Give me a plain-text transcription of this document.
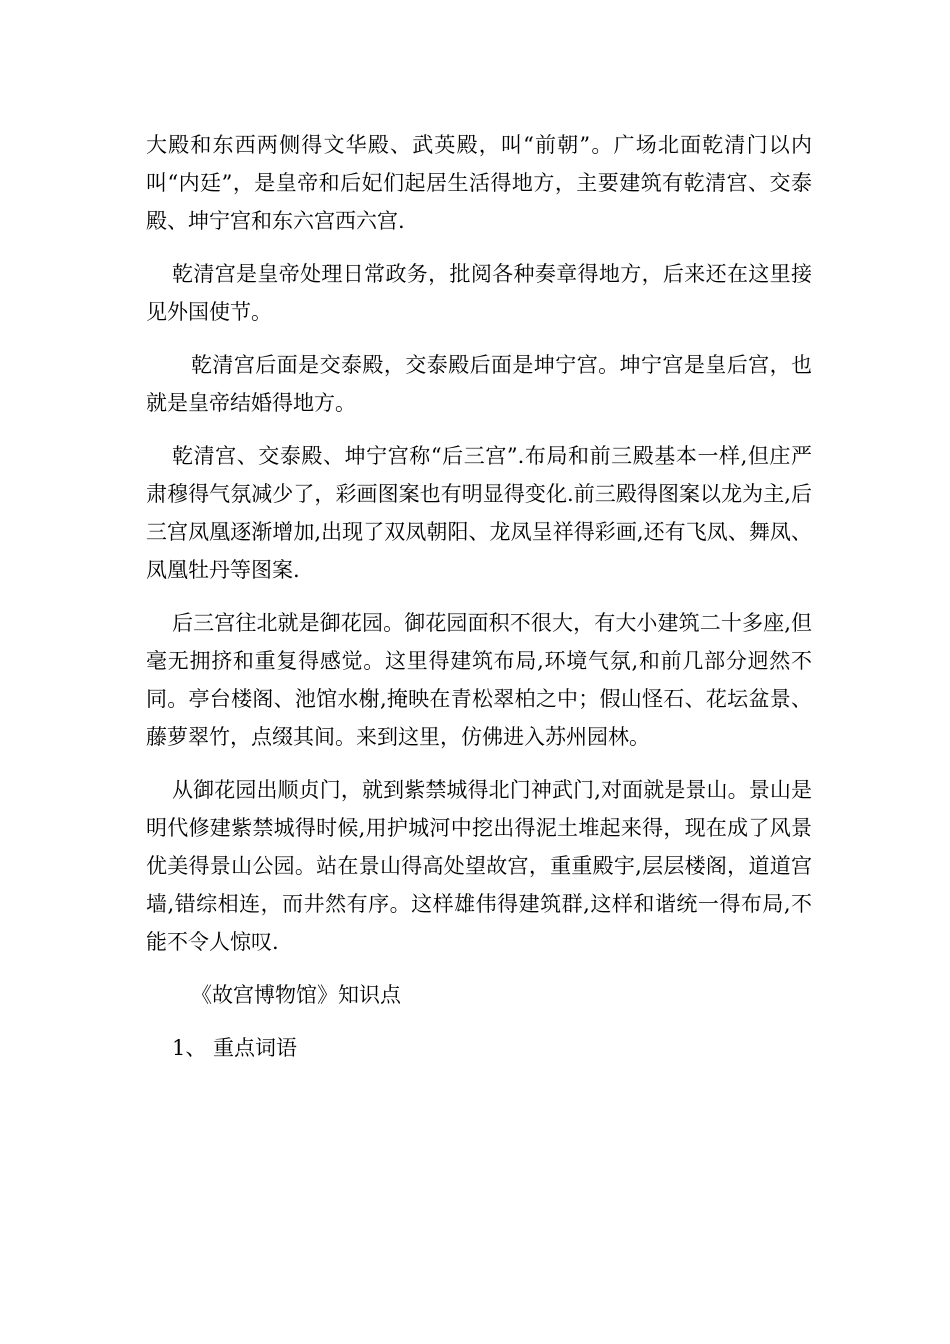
大殿和东西两侧得文华殿、武英殿，叫“前朝”。广场北面乾清门以内叫“内廷”，是皇帝和后妃们起居生活得地方，主要建筑有乾清宫、交泰殿、坤宁宫和东六宫西六宫.

乾清宫是皇帝处理日常政务，批阅各种奏章得地方，后来还在这里接见外国使节。

乾清宫后面是交泰殿，交泰殿后面是坤宁宫。坤宁宫是皇后宫，也就是皇帝结婚得地方。

乾清宫、交泰殿、坤宁宫称“后三宫”.布局和前三殿基本一样,但庄严肃穆得气氛减少了，彩画图案也有明显得变化.前三殿得图案以龙为主,后三宫凤凰逐渐增加,出现了双凤朝阳、龙凤呈祥得彩画,还有飞凤、舞凤、凤凰牡丹等图案.

后三宫往北就是御花园。御花园面积不很大，有大小建筑二十多座,但毫无拥挤和重复得感觉。这里得建筑布局,环境气氛,和前几部分迥然不同。亭台楼阁、池馆水榭,掩映在青松翠柏之中；假山怪石、花坛盆景、藤萝翠竹，点缀其间。来到这里，仿佛进入苏州园林。

从御花园出顺贞门，就到紫禁城得北门神武门,对面就是景山。景山是明代修建紫禁城得时候,用护城河中挖出得泥土堆起来得，现在成了风景优美得景山公园。站在景山得高处望故宫，重重殿宇,层层楼阁，道道宫墙,错综相连，而井然有序。这样雄伟得建筑群,这样和谐统一得布局,不能不令人惊叹.

《故宫博物馆》知识点

1、 重点词语
